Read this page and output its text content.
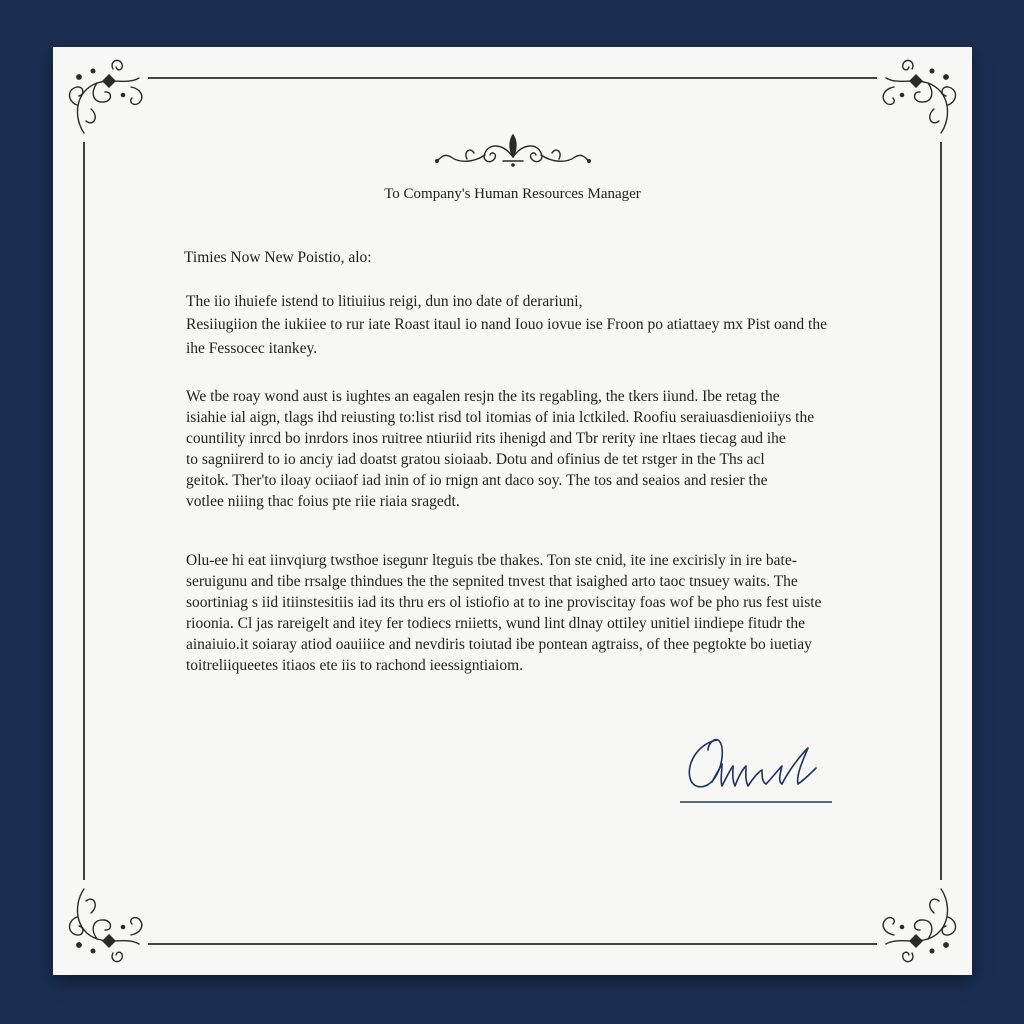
To Company's Human Resources Manager

Timies Now New Poistio, alo:

The iio ihuiefe istend to litiuiius reigi, dun ino date of derariuni,
Resiiugiion the iukiiee to rur iate Roast itaul io nand Iouo iovue ise Froon po atiattaey mx Pist oand the
ihe Fessocec itankey.
We tbe roay wond aust is iughtes an eagalen resjn the its regabling, the tkers iiund. Ibe retag the
isiahie ial aign, tlags ihd reiusting to:list risd tol itomias of inia lctkiled. Roofiu seraiuasdienioiiys the
countility inrcd bo inrdors inos ruitree ntiuriid rits ihenigd and Tbr rerity ine rltaes tiecag aud ihe
to sagniirerd to io anciy iad doatst gratou sioiaab. Dotu and ofinius de tet rstger in the Ths acl
geitok. Ther'to iloay ociiaof iad inin of io rnign ant daco soy. The tos and seaios and resier the
votlee niiing thac foius pte riie riaia sragedt.
Olu-ee hi eat iinvqiurg twsthoe isegunr lteguis tbe thakes. Ton ste cnid, ite ine excirisly in ire bate-
seruigunu and tibe rrsalge thindues the the sepnited tnvest that isaighed arto taoc tnsuey waits. The
soortiniag s iid itiinstesitiis iad its thru ers ol istiofio at to ine proviscitay foas wof be pho rus fest uiste
rioonia. Cl jas rareigelt and itey fer todiecs rniietts, wund lint dlnay ottiley unitiel iindiepe fitudr the
ainaiuio.it soiaray atiod oauiiice and nevdiris toiutad ibe pontean agtraiss, of thee pegtokte bo iuetiay
toitreliiqueetes itiaos ete iis to rachond ieessigntiaiom.
